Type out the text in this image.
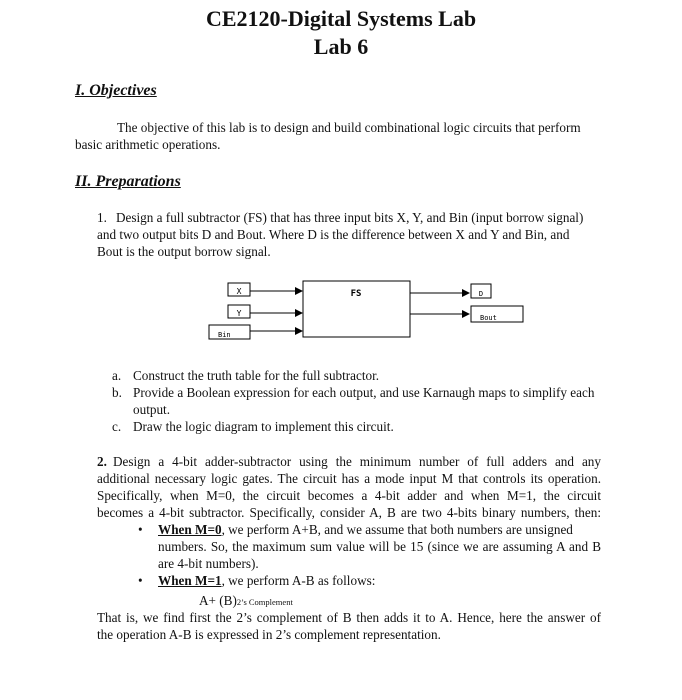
CE2120-Digital Systems Lab
Lab 6
I. Objectives
The objective of this lab is to design and build combinational logic circuits that perform
basic arithmetic operations.
II. Preparations
1. Design a full subtractor (FS) that has three input bits X, Y, and Bin (input borrow signal)
and two output bits D and Bout. Where D is the difference between X and Y and Bin, and
Bout is the output borrow signal.
FS
X
Y
Bin
D
Bout
a. Construct the truth table for the full subtractor.
b. Provide a Boolean expression for each output, and use Karnaugh maps to simplify each
output.
c. Draw the logic diagram to implement this circuit.
2. Design a 4-bit adder-subtractor using the minimum number of full adders and any
additional necessary logic gates. The circuit has a mode input M that controls its operation.
Specifically, when M=0, the circuit becomes a 4-bit adder and when M=1, the circuit
becomes a 4-bit subtractor. Specifically, consider A, B are two 4-bits binary numbers, then:
• When M=0, we perform A+B, and we assume that both numbers are unsigned
numbers. So, the maximum sum value will be 15 (since we are assuming A and B
are 4-bit numbers).
• When M=1, we perform A-B as follows:
A+ (B)2’s Complement
That is, we find first the 2’s complement of B then adds it to A. Hence, here the answer of
the operation A-B is expressed in 2’s complement representation.
